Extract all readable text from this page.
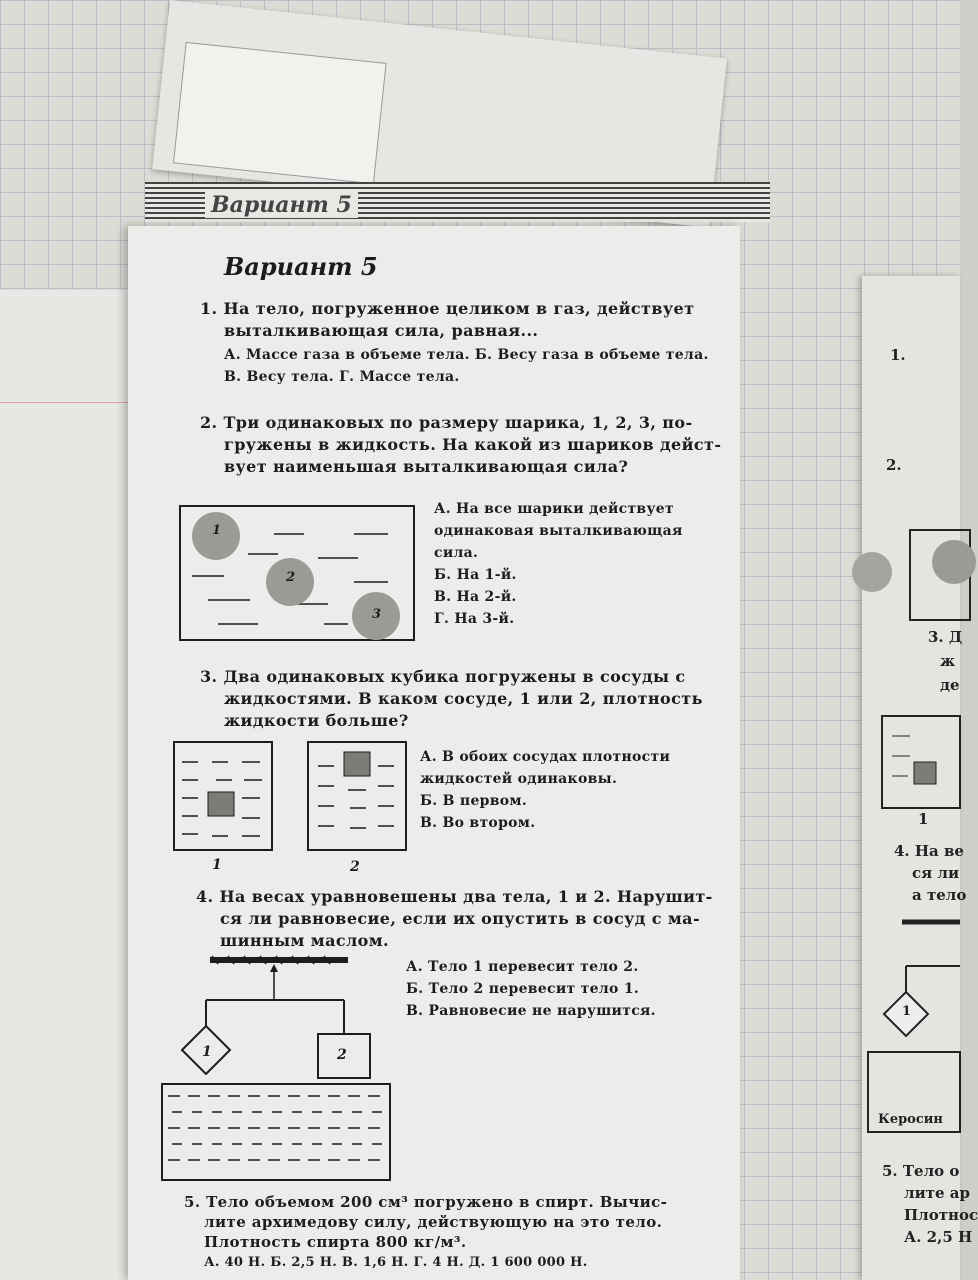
Вариант 5
1.
2.
3. Д
ж
де
1
4. На ве
ся ли
а тело
1
Керосин
5. Тело о
лите ар
Плотнос
А. 2,5 Н
Вариант 5
1. На тело, погруженное целиком в газ, действует
выталкивающая сила, равная...
А. Массе газа в объеме тела. Б. Весу газа в объеме тела.
В. Весу тела. Г. Массе тела.
2. Три одинаковых по размеру шарика, 1, 2, 3, по-
гружены в жидкость. На какой из шариков дейст-
вует наименьшая выталкивающая сила?
1
2
3
А. На все шарики действует
одинаковая выталкивающая
сила.
Б. На 1-й.
В. На 2-й.
Г. На 3-й.
3. Два одинаковых кубика погружены в сосуды с
жидкостями. В каком сосуде, 1 или 2, плотность
жидкости больше?
1	2
А. В обоих сосудах плотности
жидкостей одинаковы.
Б. В первом.
В. Во втором.
4. На весах уравновешены два тела, 1 и 2. Нарушит-
ся ли равновесие, если их опустить в сосуд с ма-
шинным маслом.
1	2
А. Тело 1 перевесит тело 2.
Б. Тело 2 перевесит тело 1.
В. Равновесие не нарушится.
5. Тело объемом 200 см³ погружено в спирт. Вычис-
лите архимедову силу, действующую на это тело.
Плотность спирта 800 кг/м³.
А. 40 Н. Б. 2,5 Н. В. 1,6 Н. Г. 4 Н. Д. 1 600 000 Н.
